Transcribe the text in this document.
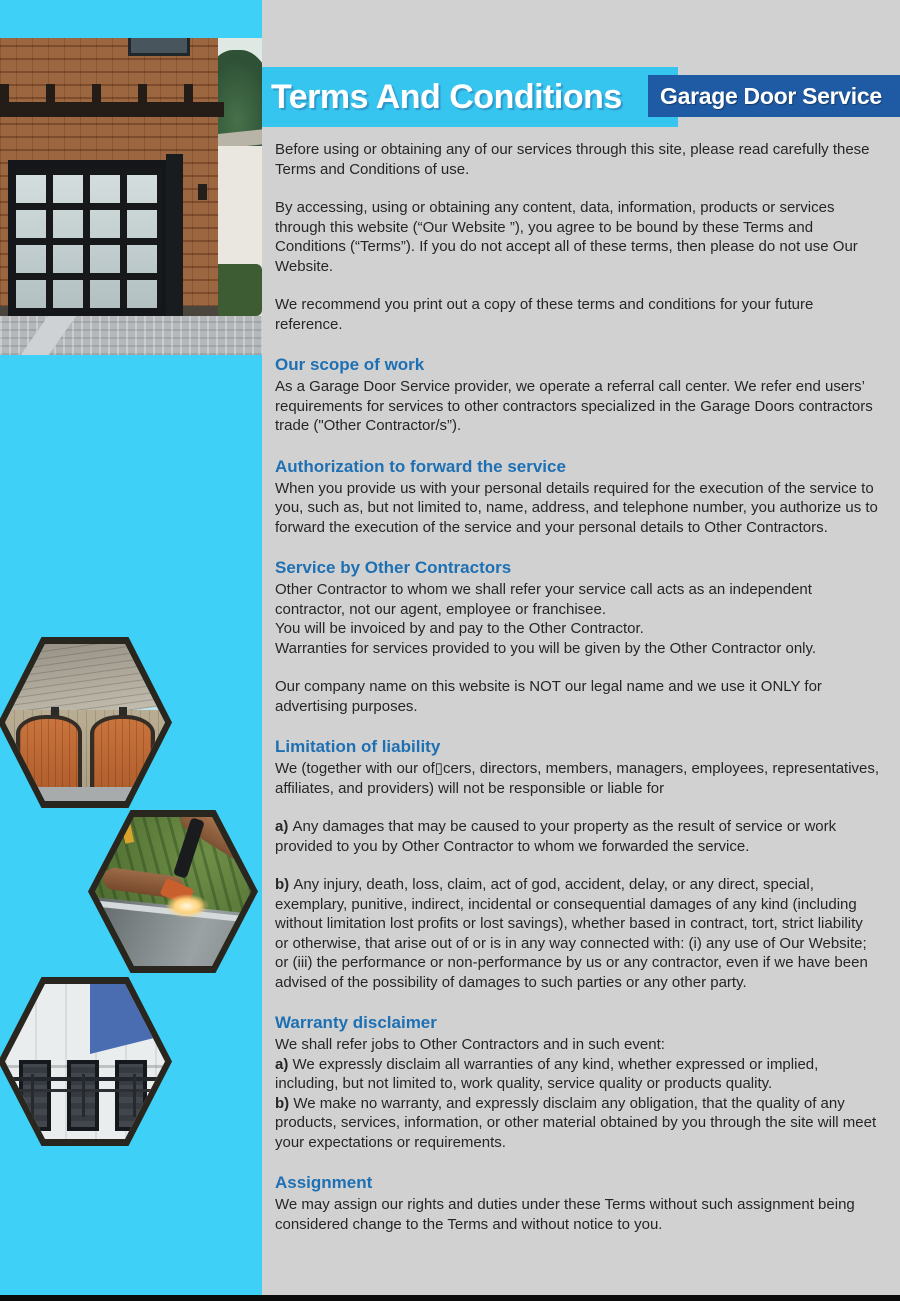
Terms And Conditions	Garage Door Service

Before using or obtaining any of our services through this site, please read carefully these Terms and Conditions of use.

By accessing, using or obtaining any content, data, information, products or services through this website (“Our Website ”), you agree to be bound by these Terms and Conditions (“Terms”). If you do not accept all of these terms, then please do not use Our Website.

We recommend you print out a copy of these terms and conditions for your future reference.

Our scope of work

As a Garage Door Service provider, we operate a referral call center. We refer end users’ requirements for services to other contractors specialized in the Garage Doors contractors trade ("Other Contractor/s”).

Authorization to forward the service

When you provide us with your personal details required for the execution of the service to you, such as, but not limited to, name, address, and telephone number, you authorize us to forward the execution of the service and your personal details to Other Contractors.

Service by Other Contractors

Other Contractor to whom we shall refer your service call acts as an independent contractor, not our agent, employee or franchisee.

You will be invoiced by and pay to the Other Contractor.

Warranties for services provided to you will be given by the Other Contractor only.

Our company name on this website is NOT our legal name and we use it ONLY for advertising purposes.

Limitation of liability

We (together with our of▯cers, directors, members, managers, employees, representatives, affiliates, and providers) will not be responsible or liable for

a) Any damages that may be caused to your property as the result of service or work provided to you by Other Contractor to whom we forwarded the service.

b) Any injury, death, loss, claim, act of god, accident, delay, or any direct, special, exemplary, punitive, indirect, incidental or consequential damages of any kind (including without limitation lost profits or lost savings), whether based in contract, tort, strict liability or otherwise, that arise out of or is in any way connected with: (i) any use of Our Website; or (iii) the performance or non-performance by us or any contractor, even if we have been advised of the possibility of damages to such parties or any other party.

Warranty disclaimer

We shall refer jobs to Other Contractors and in such event:

a) We expressly disclaim all warranties of any kind, whether expressed or implied, including, but not limited to, work quality, service quality or products quality.

b) We make no warranty, and expressly disclaim any obligation, that the quality of any products, services, information, or other material obtained by you through the site will meet your expectations or requirements.

Assignment

We may assign our rights and duties under these Terms without such assignment being considered change to the Terms and without notice to you.
